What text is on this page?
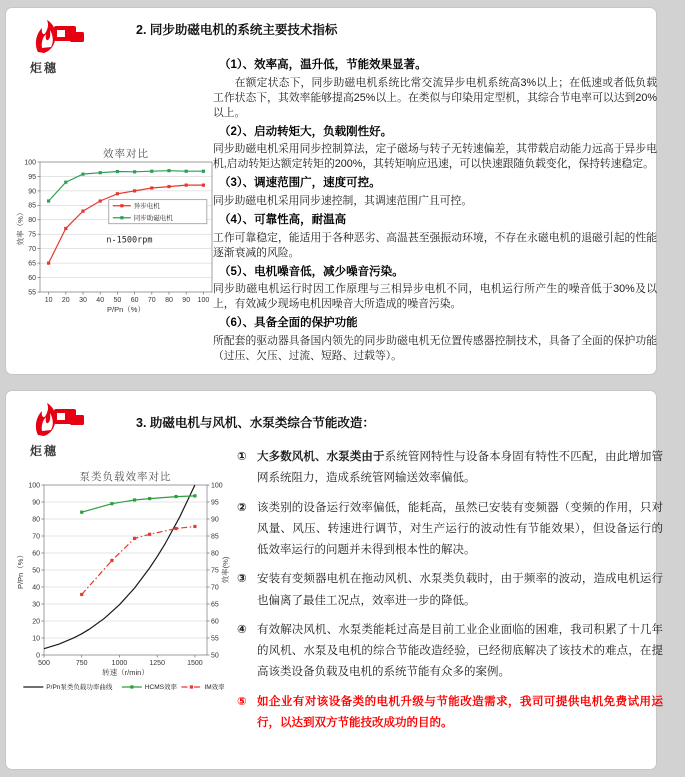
炬穗
2. 同步助磁电机的系统主要技术指标
55
60
65
70
75
80
85
90
95
100
10 20 30 40 50 60 70 80 90 100
效率对比
P/Pn（%）
效率（%）	n-1500rpm
异步电机
同步助磁电机
（1）、效率高，温升低，节能效果显著。

在额定状态下，同步助磁电机系统比常交流异步电机系统高3%以上；在低速或者低负载工作状态下，其效率能够提高25%以上。在类似与印染用定型机，其综合节电率可以达到20%以上。

（2）、启动转矩大，负载刚性好。

同步助磁电机采用同步控制算法，定子磁场与转子无转速偏差，其带载启动能力远高于异步电机,启动转矩达额定转矩的200%，其转矩响应迅速，可以快速跟随负载变化，保持转速稳定。

（3）、调速范围广，速度可控。

同步助磁电机采用同步速控制，其调速范围广且可控。

（4）、可靠性高，耐温高

工作可靠稳定，能适用于各种恶劣、高温甚至强振动环境，不存在永磁电机的退磁引起的性能逐渐衰减的风险。

（5）、电机噪音低，减少噪音污染。

同步助磁电机运行时因工作原理与三相异步电机不同，电机运行所产生的噪音低于30%及以上，有效减少现场电机因噪音大所造成的噪音污染。

（6）、具备全面的保护功能

所配套的驱动器具备国内领先的同步助磁电机无位置传感器控制技术，具备了全面的保护功能（过压、欠压、过流、短路、过载等）。

炬穗
3. 助磁电机与风机、水泵类综合节能改造：
0
10
20
30
40
50
60
70
80
90
100
50
55
60
65
70
75
80
85
90
95
100
500	750	1000	1250	1500
泵类负载效率对比
转速（r/min）
P/Pn（%）	效率(%)
P/Pn泵类负载功率曲线	HCMS效率	IM效率
① 大多数风机、水泵类由于系统管网特性与设备本身固有特性不匹配，由此增加管网系统阻力，造成系统管网输送效率偏低。
② 该类别的设备运行效率偏低，能耗高，虽然已安装有变频器（变频的作用，只对风量、风压、转速进行调节，对生产运行的波动性有节能效果），但设备运行的低效率运行的问题并未得到根本性的解决。
③ 安装有变频器电机在拖动风机、水泵类负载时，由于频率的波动，造成电机运行也偏离了最佳工况点，效率进一步的降低。
④ 有效解决风机、水泵类能耗过高是目前工业企业面临的困难，我司积累了十几年的风机、水泵及电机的综合节能改造经验，已经彻底解决了该技术的难点，在提高该类设备负载及电机的系统节能有众多的案例。
⑤ 如企业有对该设备类的电机升级与节能改造需求，我司可提供电机免费试用运行，以达到双方节能技改成功的目的。
